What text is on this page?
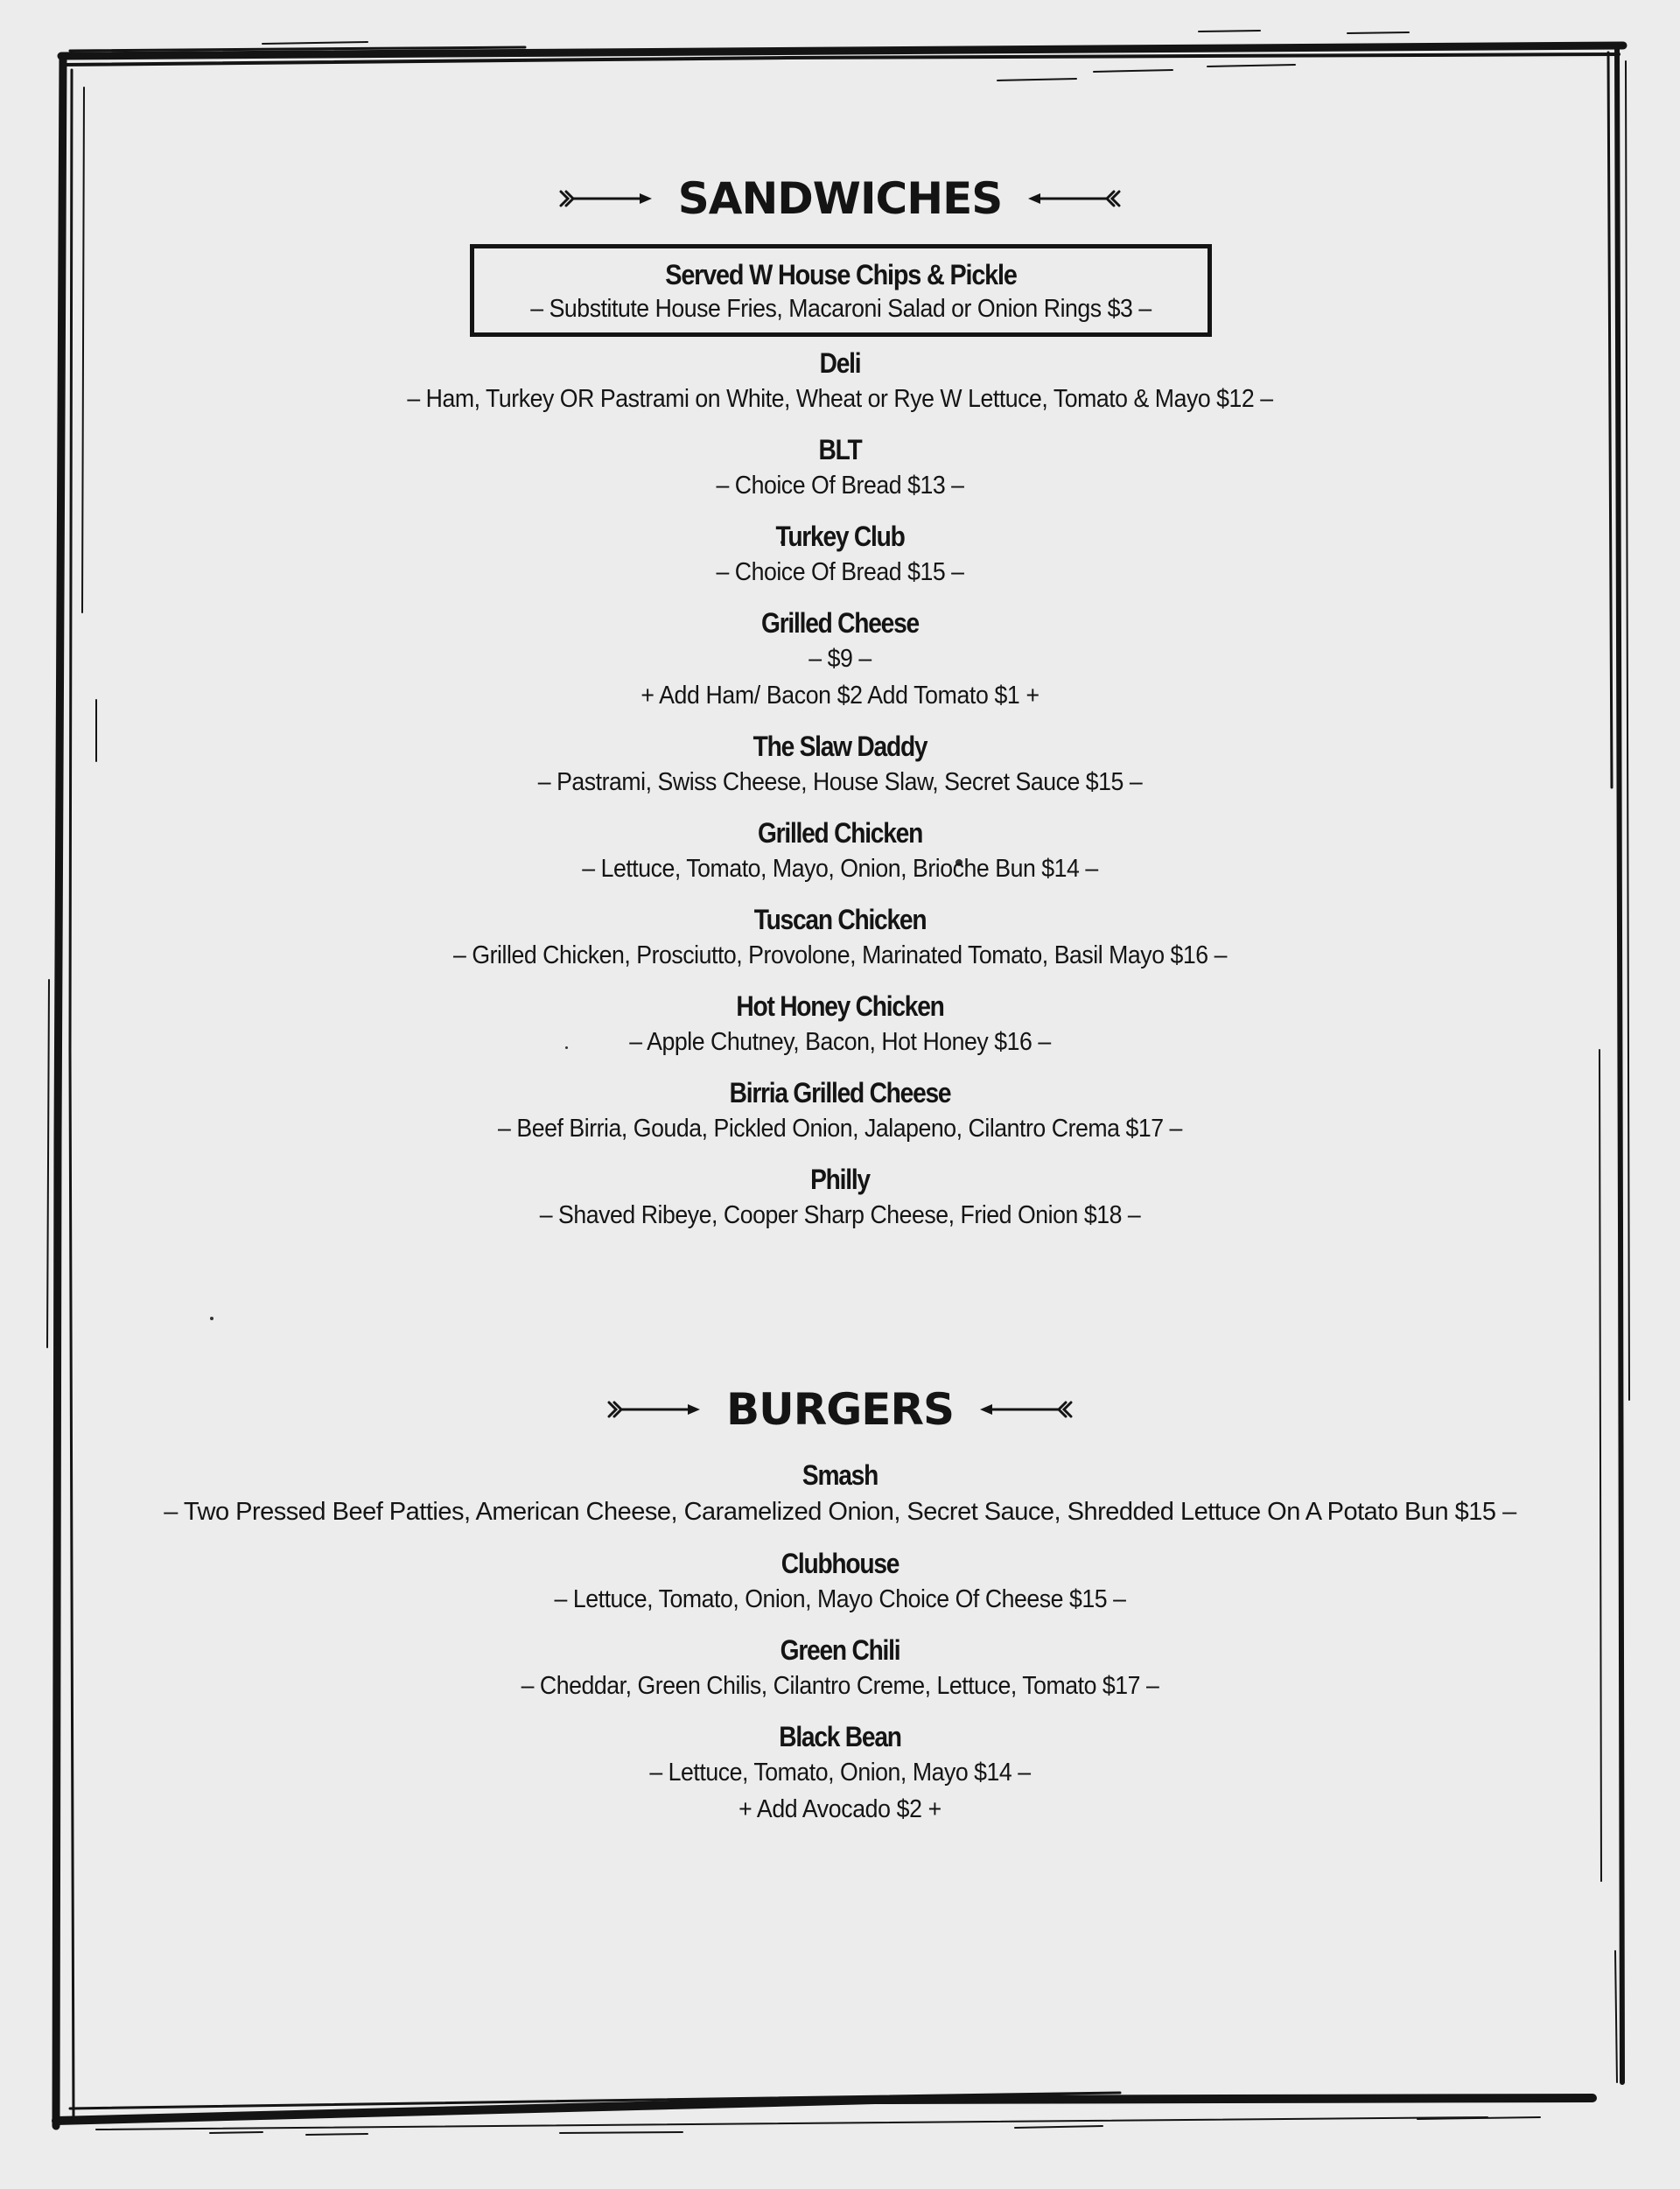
SANDWICHES
Served W House Chips & Pickle
– Substitute House Fries, Macaroni Salad or Onion Rings $3 –
Deli
– Ham, Turkey OR Pastrami on White, Wheat or Rye W Lettuce, Tomato & Mayo $12 –
BLT
– Choice Of Bread $13 –
Turkey Club
– Choice Of Bread $15 –
Grilled Cheese
– $9 –
+ Add Ham/ Bacon $2 Add Tomato $1 +
The Slaw Daddy
– Pastrami, Swiss Cheese, House Slaw, Secret Sauce $15 –
Grilled Chicken
– Lettuce, Tomato, Mayo, Onion, Brioche Bun $14 –
Tuscan Chicken
– Grilled Chicken, Prosciutto, Provolone, Marinated Tomato, Basil Mayo $16 –
Hot Honey Chicken
– Apple Chutney, Bacon, Hot Honey $16 –
Birria Grilled Cheese
– Beef Birria, Gouda, Pickled Onion, Jalapeno, Cilantro Crema $17 –
Philly
– Shaved Ribeye, Cooper Sharp Cheese, Fried Onion $18 –
BURGERS
Smash
– Two Pressed Beef Patties, American Cheese, Caramelized Onion, Secret Sauce, Shredded Lettuce On A Potato Bun $15 –
Clubhouse
– Lettuce, Tomato, Onion, Mayo Choice Of Cheese $15 –
Green Chili
– Cheddar, Green Chilis, Cilantro Creme, Lettuce, Tomato $17 –
Black Bean
– Lettuce, Tomato, Onion, Mayo $14 –
+ Add Avocado $2 +
